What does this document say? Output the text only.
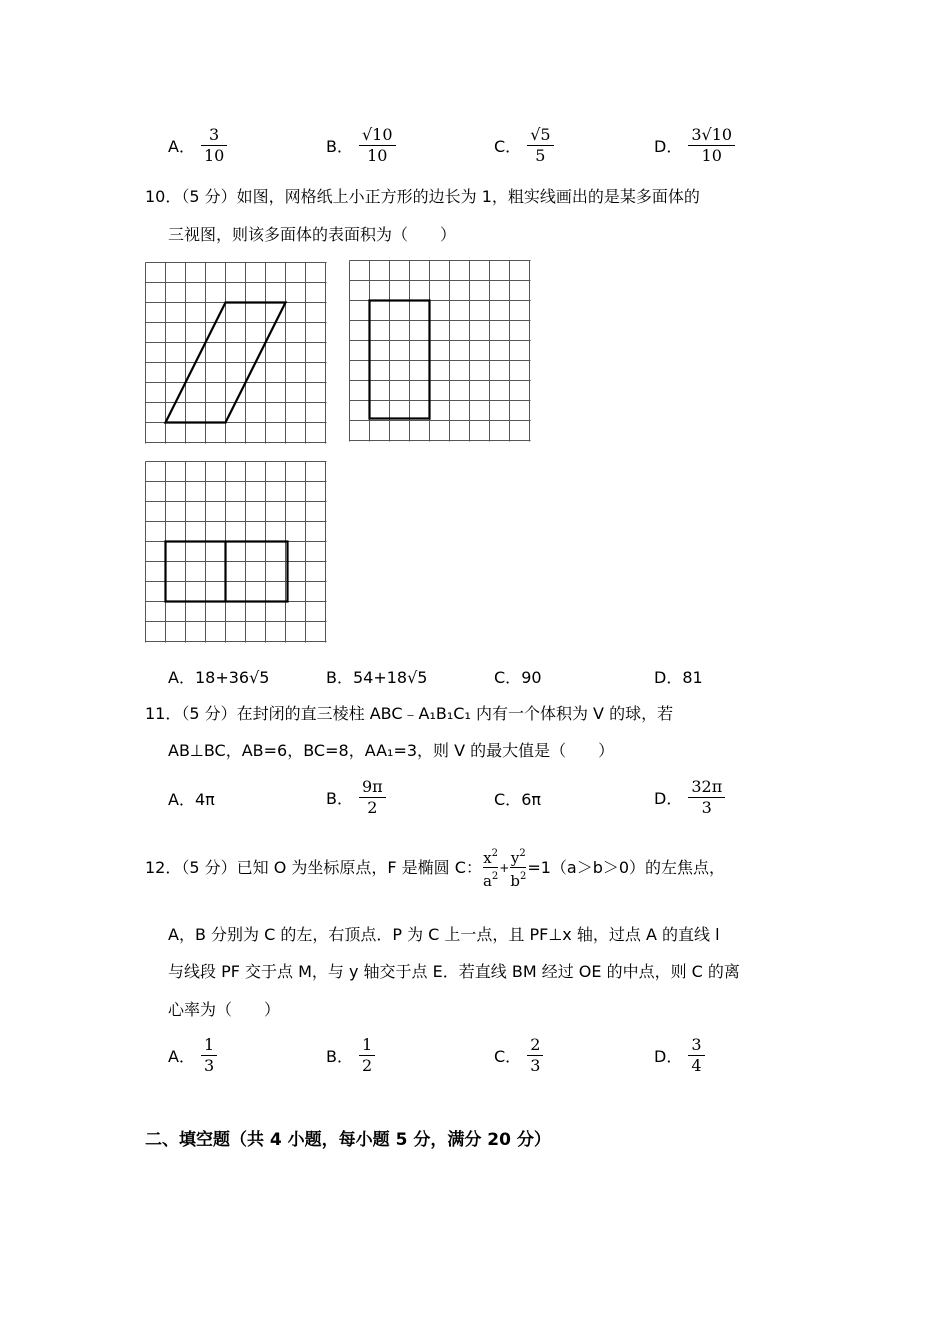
A． $\frac{3}{10}$	B． $\frac{√10}{10}$	C． $\frac{√5}{5}$	D． $\frac{3√10}{10}$
10．（5 分）如图，网格纸上小正方形的边长为 1，粗实线画出的是某多面体的
三视图，则该多面体的表面积为（　　）
A．18+36√5	B．54+18√5	C．90	D．81
11．（5 分）在封闭的直三棱柱 ABC﹣A₁B₁C₁ 内有一个体积为 V 的球，若
AB⊥BC，AB=6，BC=8，AA₁=3，则 V 的最大值是（　　）
A．4π	B． $\frac{9\pi}{2}$	C．6π	D． $\frac{32\pi}{3}$
12．（5 分）已知 O 为坐标原点，F 是椭圆 C： $\frac{x^2}{a^2} + \frac{y^2}{b^2} =1(a>b>0)$的左焦点，
A，B 分别为 C 的左，右顶点．P 为 C 上一点，且 PF⊥x 轴，过点 A 的直线 l
与线段 PF 交于点 M，与 y 轴交于点 E．若直线 BM 经过 OE 的中点，则 C 的离
心率为（　　）
A． $\frac{1}{3}$	B． $\frac{1}{2}$	C． $\frac{2}{3}$	D． $\frac{3}{4}$
二、填空题（共 4 小题，每小题 5 分，满分 20 分）
